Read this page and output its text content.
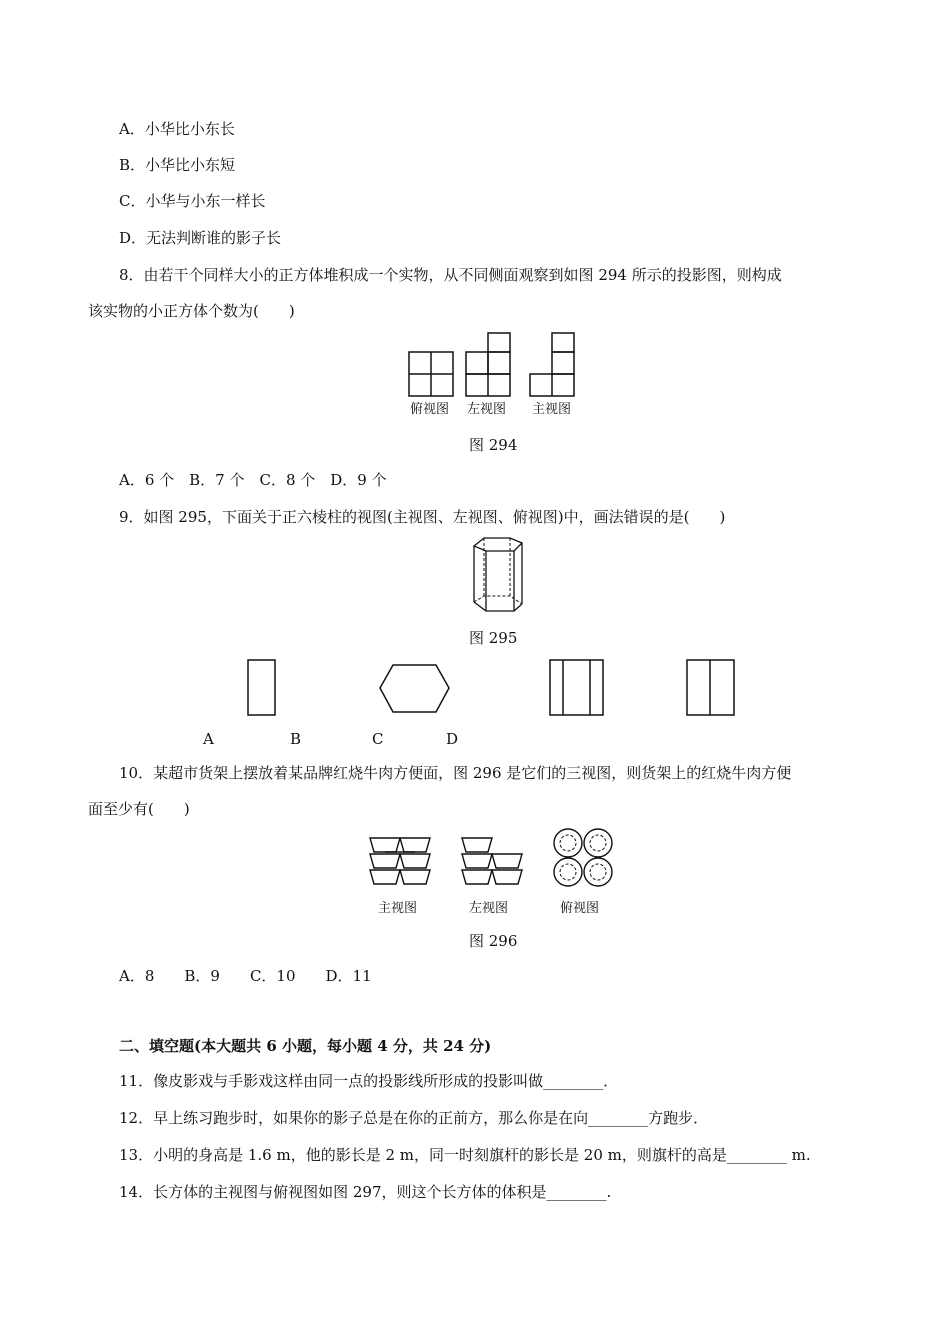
A．小华比小东长
B．小华比小东短
C．小华与小东一样长
D．无法判断谁的影子长
8．由若干个同样大小的正方体堆积成一个实物，从不同侧面观察到如图 294 所示的投影图，则构成
该实物的小正方体个数为(　　)
俯视图 左视图 主视图
图 294
A．6 个　B．7 个　C．8 个　D．9 个
9．如图 295，下面关于正六棱柱的视图(主视图、左视图、俯视图)中，画法错误的是(　　)
图 295
A	B	C	D
10．某超市货架上摆放着某品牌红烧牛肉方便面，图 296 是它们的三视图，则货架上的红烧牛肉方便
面至少有(　　)
主视图	左视图	俯视图
图 296
A．8　　B．9　　C．10　　D．11
二、填空题(本大题共 6 小题，每小题 4 分，共 24 分)
11．像皮影戏与手影戏这样由同一点的投影线所形成的投影叫做________．
12．早上练习跑步时，如果你的影子总是在你的正前方，那么你是在向________方跑步．
13．小明的身高是 1.6 m，他的影长是 2 m，同一时刻旗杆的影长是 20 m，则旗杆的高是________ m.
14．长方体的主视图与俯视图如图 297，则这个长方体的体积是________.
